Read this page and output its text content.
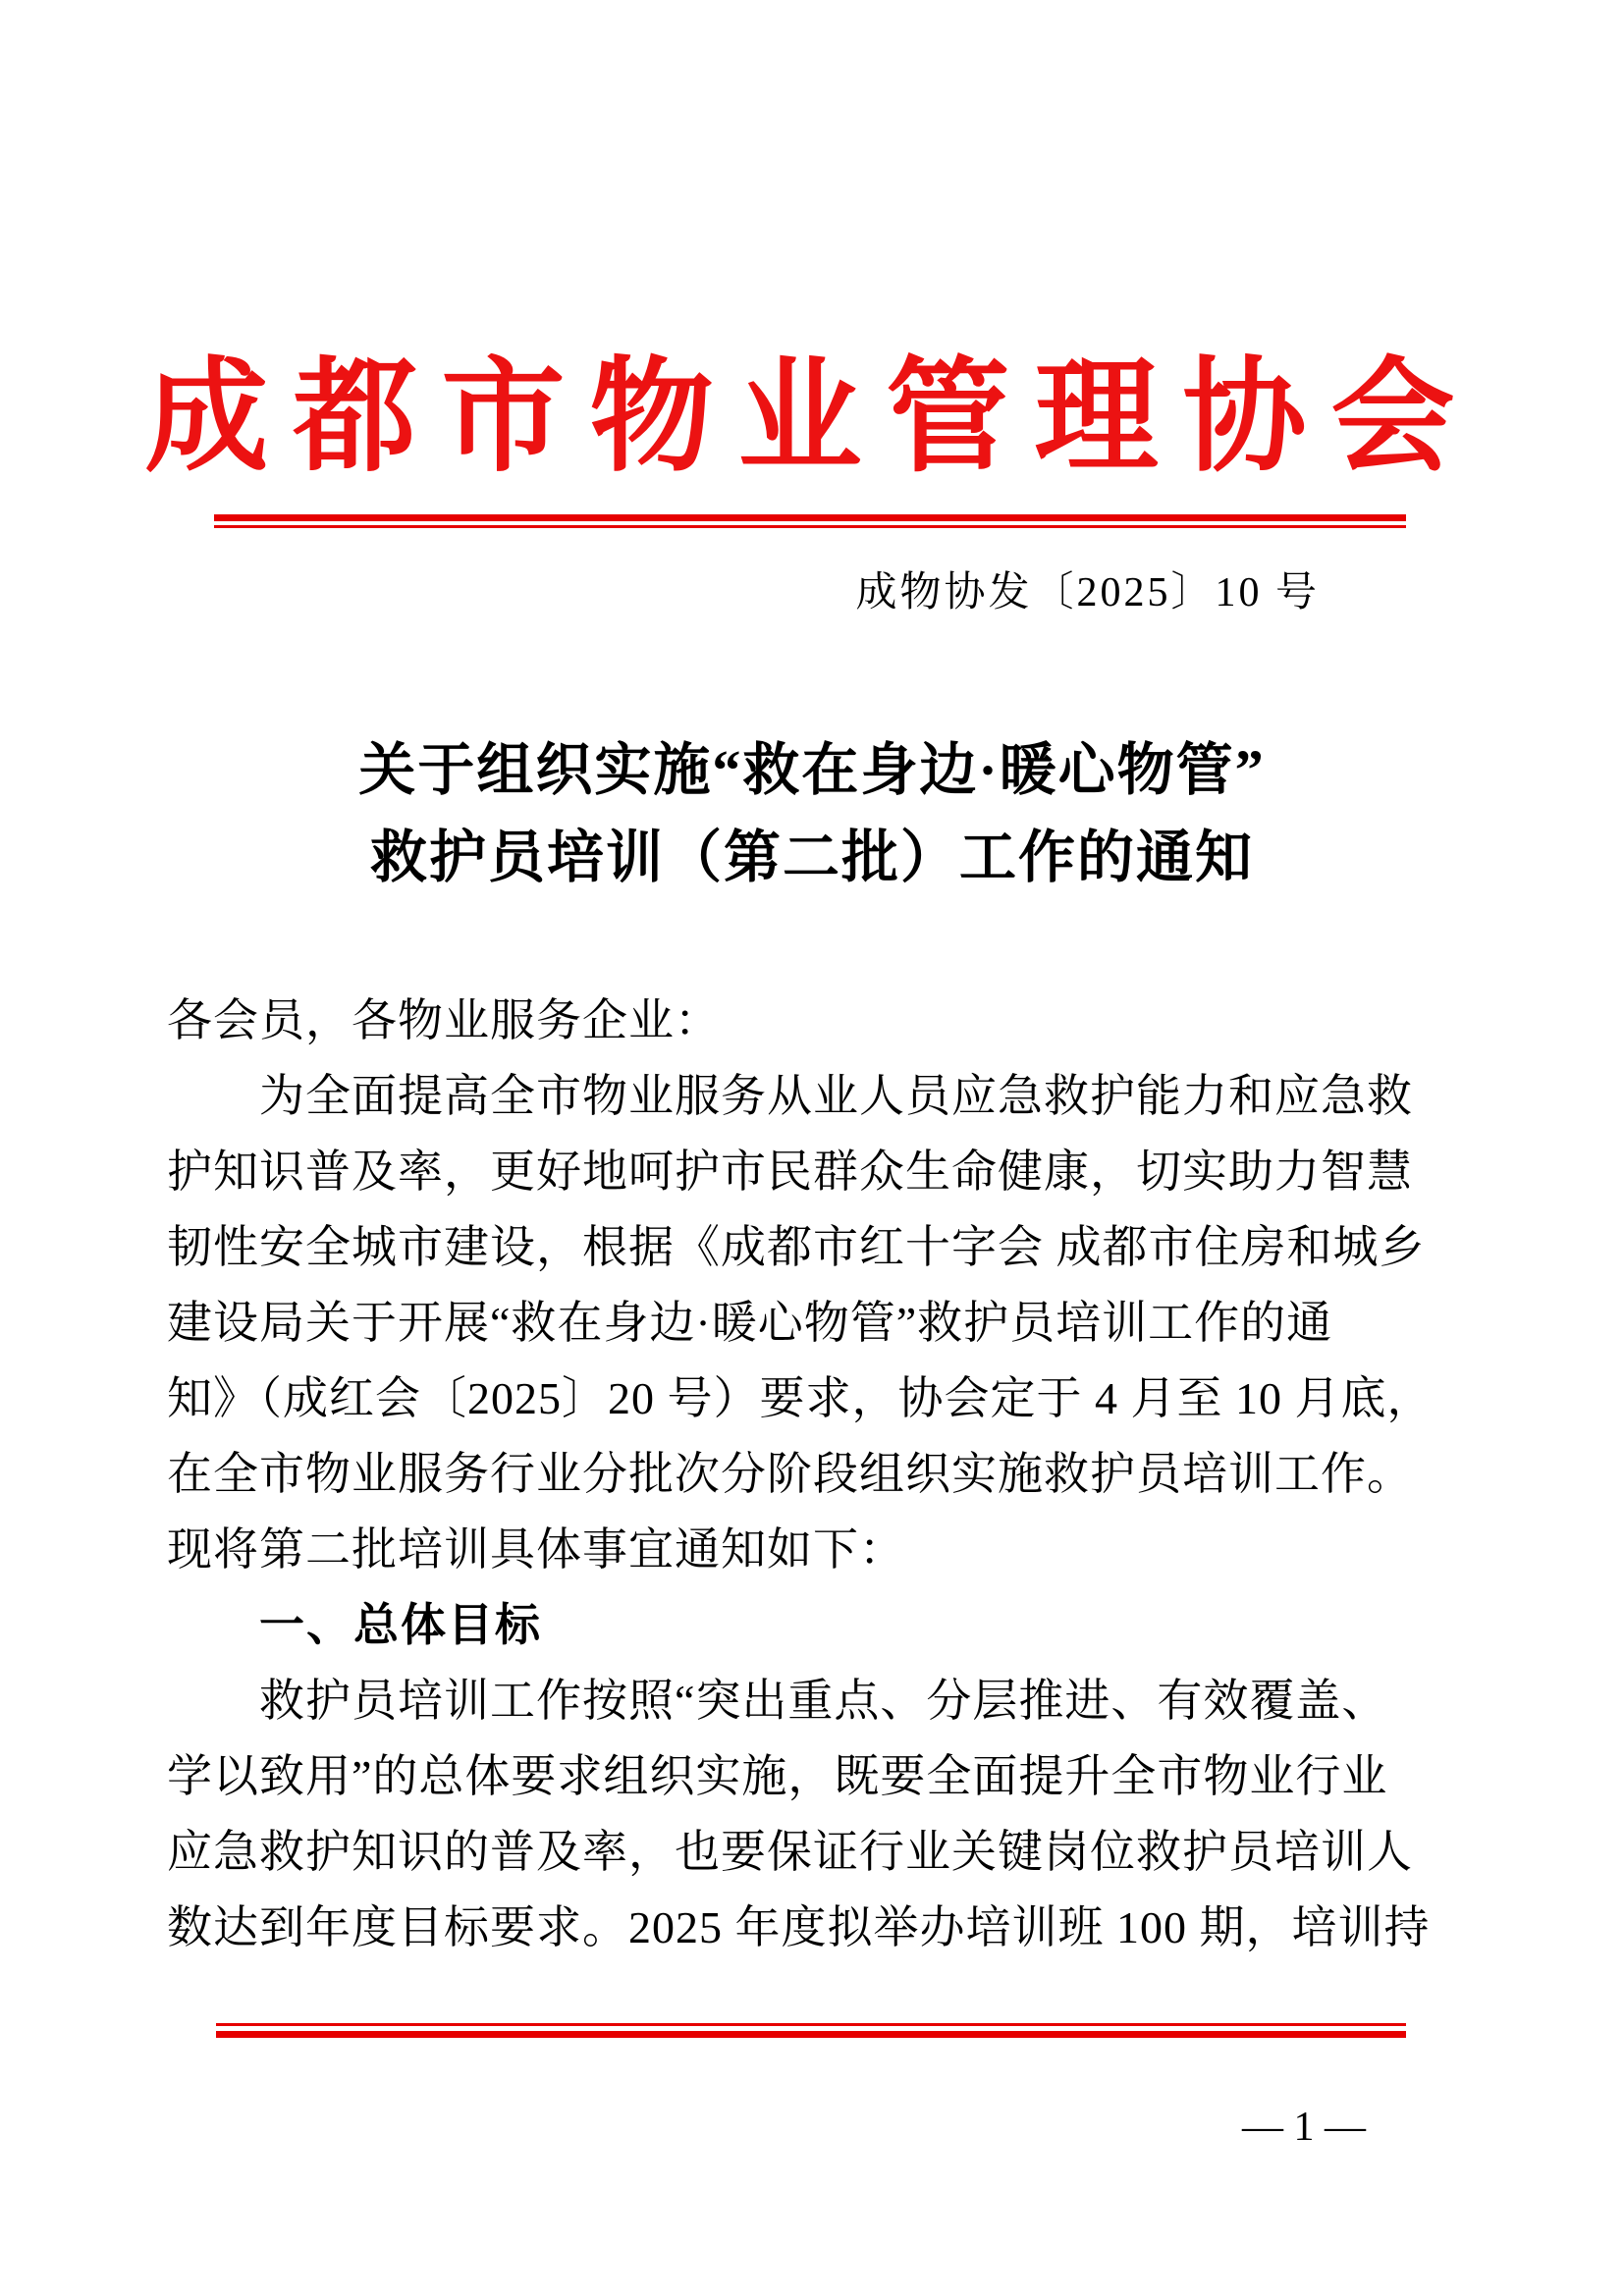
成都市物业管理协会
成物协发〔2025〕10 号
关于组织实施“救在身边·暖心物管”
救护员培训（第二批）工作的通知
各会员，各物业服务企业：
为全面提高全市物业服务从业人员应急救护能力和应急救
护知识普及率，更好地呵护市民群众生命健康，切实助力智慧
韧性安全城市建设，根据《成都市红十字会 成都市住房和城乡
建设局关于开展“救在身边·暖心物管”救护员培训工作的通
知》（成红会〔2025〕20 号）要求，协会定于 4 月至 10 月底，
在全市物业服务行业分批次分阶段组织实施救护员培训工作。
现将第二批培训具体事宜通知如下：
一、总体目标
救护员培训工作按照“突出重点、分层推进、有效覆盖、
学以致用”的总体要求组织实施，既要全面提升全市物业行业
应急救护知识的普及率，也要保证行业关键岗位救护员培训人
数达到年度目标要求。2025 年度拟举办培训班 100 期，培训持
— 1 —
